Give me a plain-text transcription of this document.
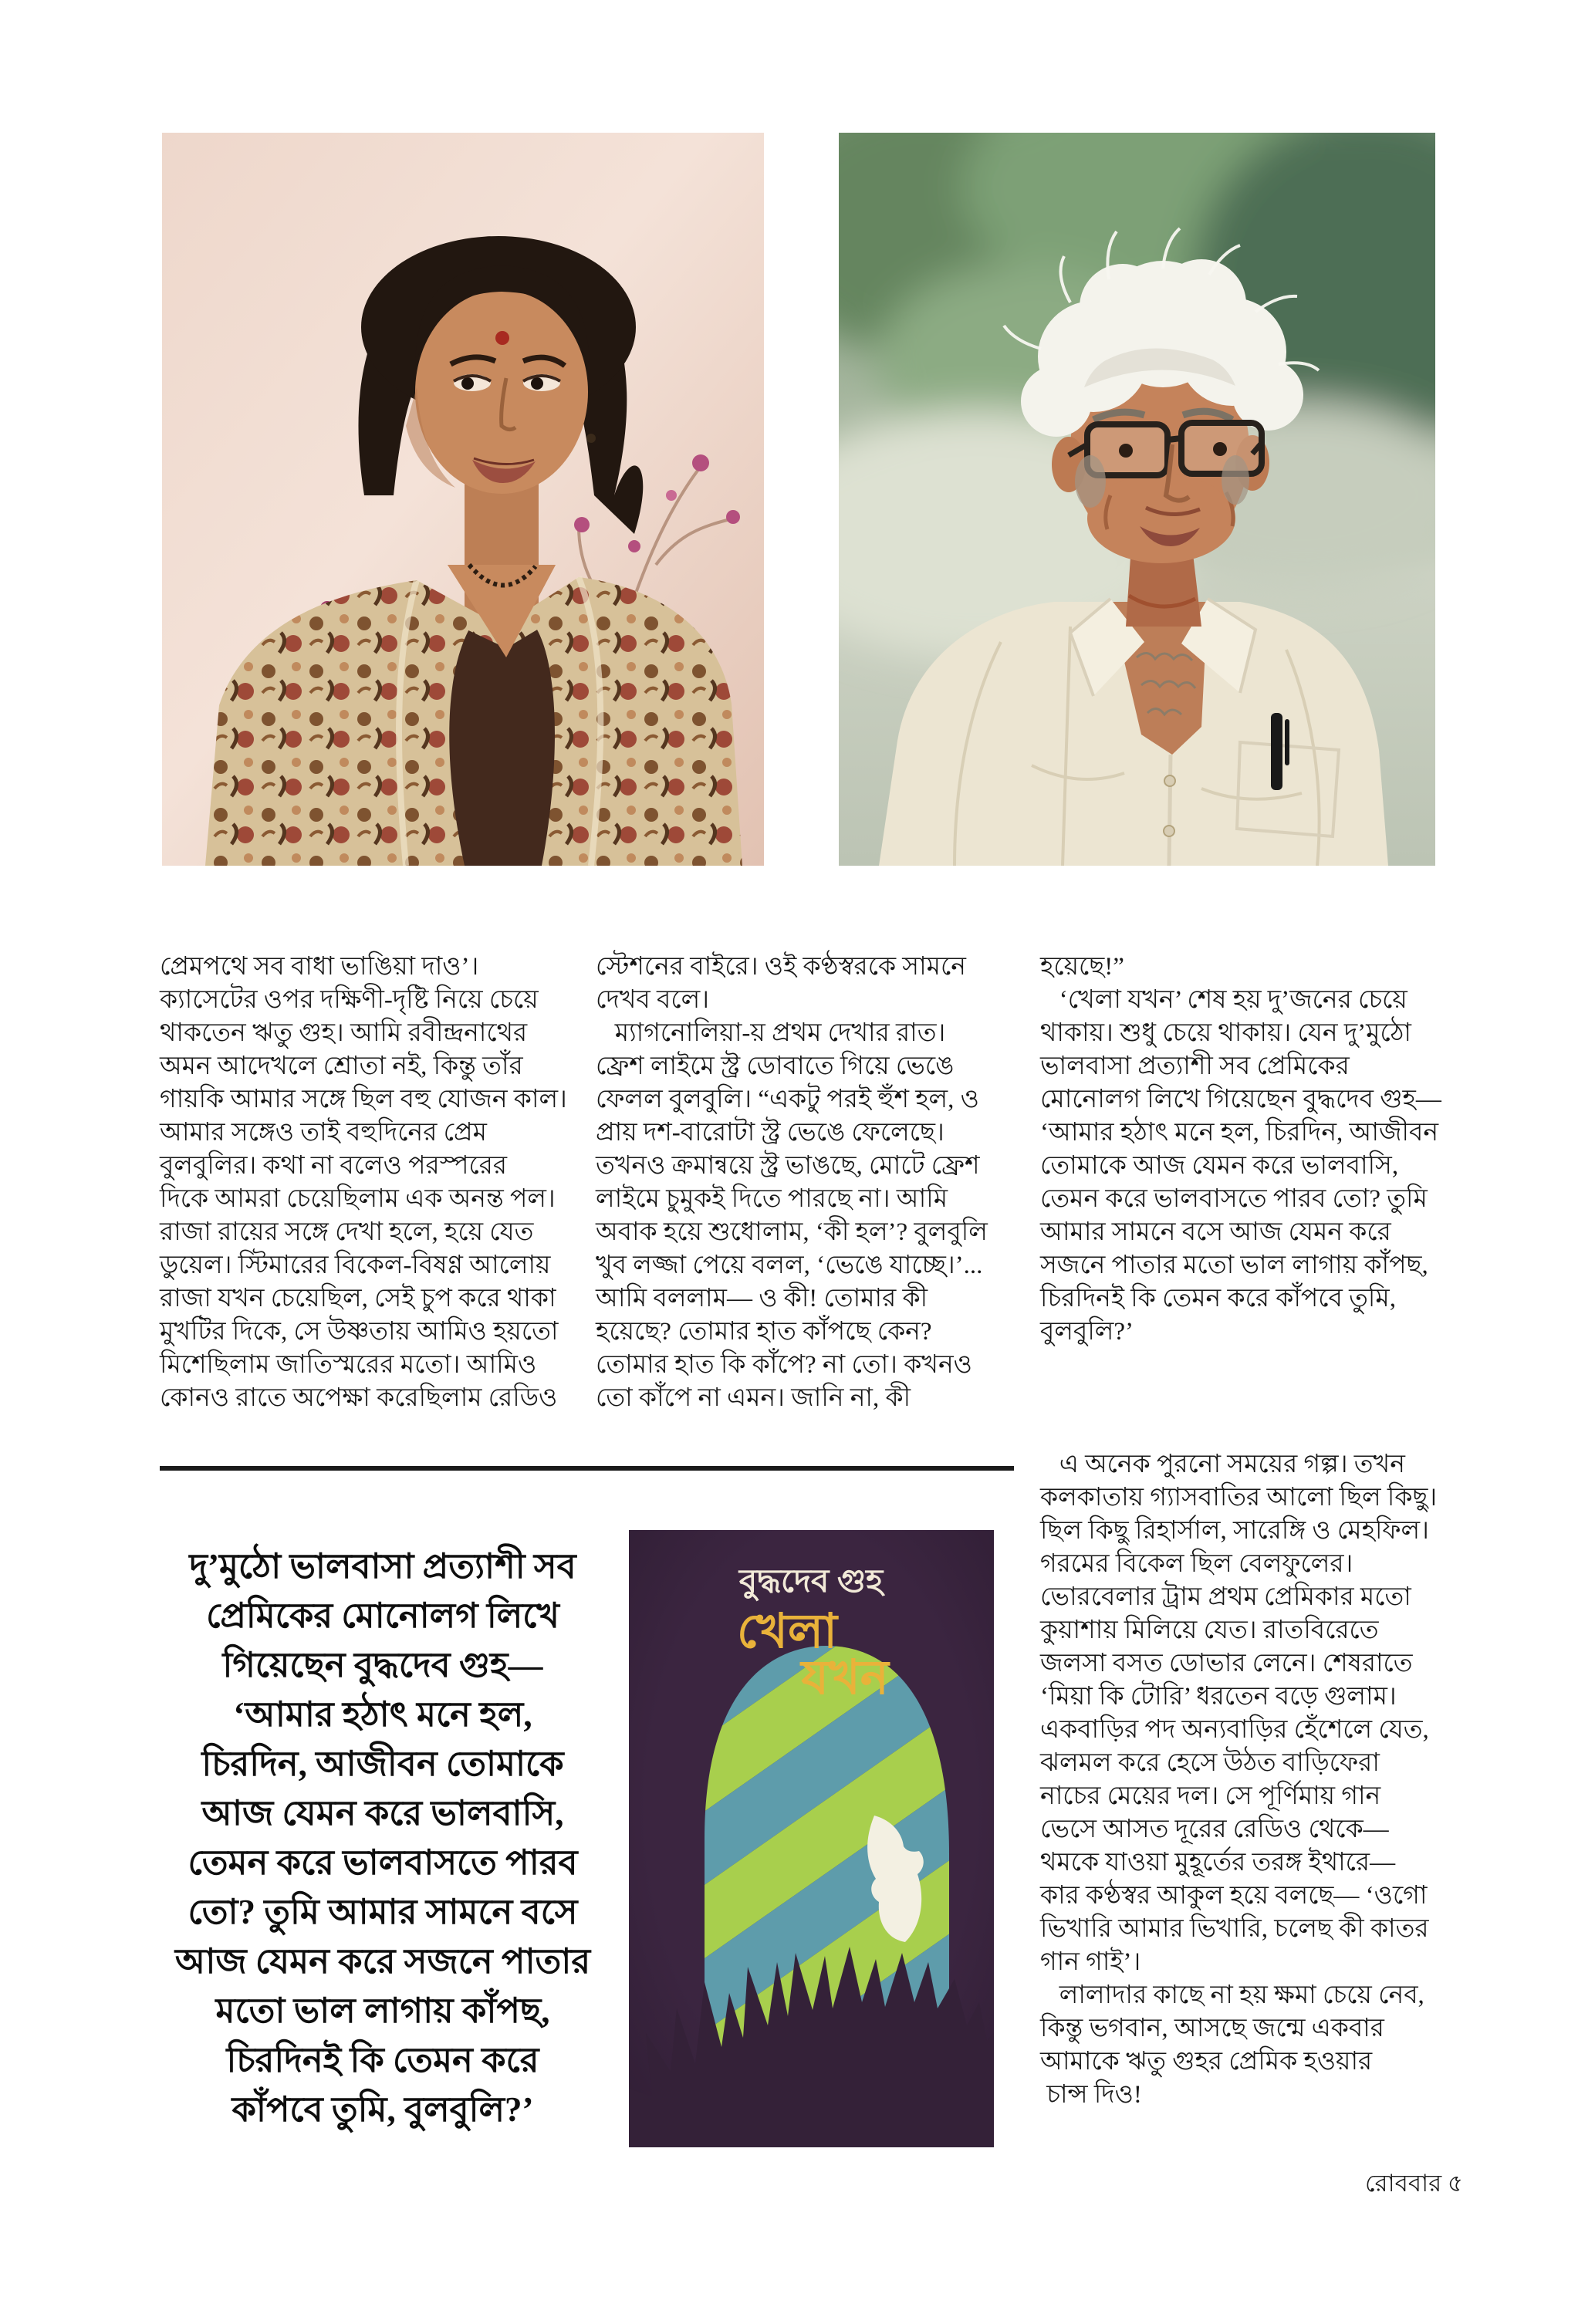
প্রেমপথে সব বাধা ভাঙিয়া দাও’।
ক্যাসেটের ওপর দক্ষিণী-দৃষ্টি নিয়ে চেয়ে
থাকতেন ঋতু গুহ। আমি রবীন্দ্রনাথের
অমন আদেখলে শ্রোতা নই, কিন্তু তাঁর
গায়কি আমার সঙ্গে ছিল বহু যোজন কাল।
আমার সঙ্গেও তাই বহুদিনের প্রেম
বুলবুলির। কথা না বলেও পরস্পরের
দিকে আমরা চেয়েছিলাম এক অনন্ত পল।
রাজা রায়ের সঙ্গে দেখা হলে, হয়ে যেত
ডুয়েল। স্টিমারের বিকেল-বিষণ্ণ আলোয়
রাজা যখন চেয়েছিল, সেই চুপ করে থাকা
মুখটির দিকে, সে উষ্ণতায় আমিও হয়তো
মিশেছিলাম জাতিস্মরের মতো। আমিও
কোনও রাতে অপেক্ষা করেছিলাম রেডিও
স্টেশনের বাইরে। ওই কণ্ঠস্বরকে সামনে
দেখব বলে।
ম্যাগনোলিয়া-য় প্রথম দেখার রাত।
ফ্রেশ লাইমে স্ট্র ডোবাতে গিয়ে ভেঙে
ফেলল বুলবুলি। “একটু পরই হুঁশ হল, ও
প্রায় দশ-বারোটা স্ট্র ভেঙে ফেলেছে।
তখনও ক্রমান্বয়ে স্ট্র ভাঙছে, মোটে ফ্রেশ
লাইমে চুমুকই দিতে পারছে না। আমি
অবাক হয়ে শুধোলাম, ‘কী হল’? বুলবুলি
খুব লজ্জা পেয়ে বলল, ‘ভেঙে যাচ্ছে।’...
আমি বললাম— ও কী! তোমার কী
হয়েছে? তোমার হাত কাঁপছে কেন?
তোমার হাত কি কাঁপে? না তো। কখনও
তো কাঁপে না এমন। জানি না, কী
হয়েছে!”
‘খেলা যখন’ শেষ হয় দু’জনের চেয়ে
থাকায়। শুধু চেয়ে থাকায়। যেন দু’মুঠো
ভালবাসা প্রত্যাশী সব প্রেমিকের
মোনোলগ লিখে গিয়েছেন বুদ্ধদেব গুহ—
‘আমার হঠাৎ মনে হল, চিরদিন, আজীবন
তোমাকে আজ যেমন করে ভালবাসি,
তেমন করে ভালবাসতে পারব তো? তুমি
আমার সামনে বসে আজ যেমন করে
সজনে পাতার মতো ভাল লাগায় কাঁপছ,
চিরদিনই কি তেমন করে কাঁপবে তুমি,
বুলবুলি?’

এ অনেক পুরনো সময়ের গল্প। তখন
কলকাতায় গ্যাসবাতির আলো ছিল কিছু।
ছিল কিছু রিহার্সাল, সারেঙ্গি ও মেহফিল।
গরমের বিকেল ছিল বেলফুলের।
ভোরবেলার ট্রাম প্রথম প্রেমিকার মতো
কুয়াশায় মিলিয়ে যেত। রাতবিরেতে
জলসা বসত ডোভার লেনে। শেষরাতে
‘মিয়া কি টোরি’ ধরতেন বড়ে গুলাম।
একবাড়ির পদ অন্যবাড়ির হেঁশেলে যেত,
ঝলমল করে হেসে উঠত বাড়িফেরা
নাচের মেয়ের দল। সে পূর্ণিমায় গান
ভেসে আসত দূরের রেডিও থেকে—
থমকে যাওয়া মুহূর্তের তরঙ্গ ইথারে—
কার কণ্ঠস্বর আকুল হয়ে বলছে— ‘ওগো
ভিখারি আমার ভিখারি, চলেছ কী কাতর
গান গাই’।
লালাদার কাছে না হয় ক্ষমা চেয়ে নেব,
কিন্তু ভগবান, আসছে জন্মে একবার
আমাকে ঋতু গুহর প্রেমিক হওয়ার
চান্স দিও!
দু’মুঠো ভালবাসা প্রত্যাশী সব
প্রেমিকের মোনোলগ লিখে
গিয়েছেন বুদ্ধদেব গুহ—
‘আমার হঠাৎ মনে হল,
চিরদিন, আজীবন তোমাকে
আজ যেমন করে ভালবাসি,
তেমন করে ভালবাসতে পারব
তো? তুমি আমার সামনে বসে
আজ যেমন করে সজনে পাতার
মতো ভাল লাগায় কাঁপছ,
চিরদিনই কি তেমন করে
কাঁপবে তুমি, বুলবুলি?’
বুদ্ধদেব গুহ
খেলা
যখন
রোববার ৫
